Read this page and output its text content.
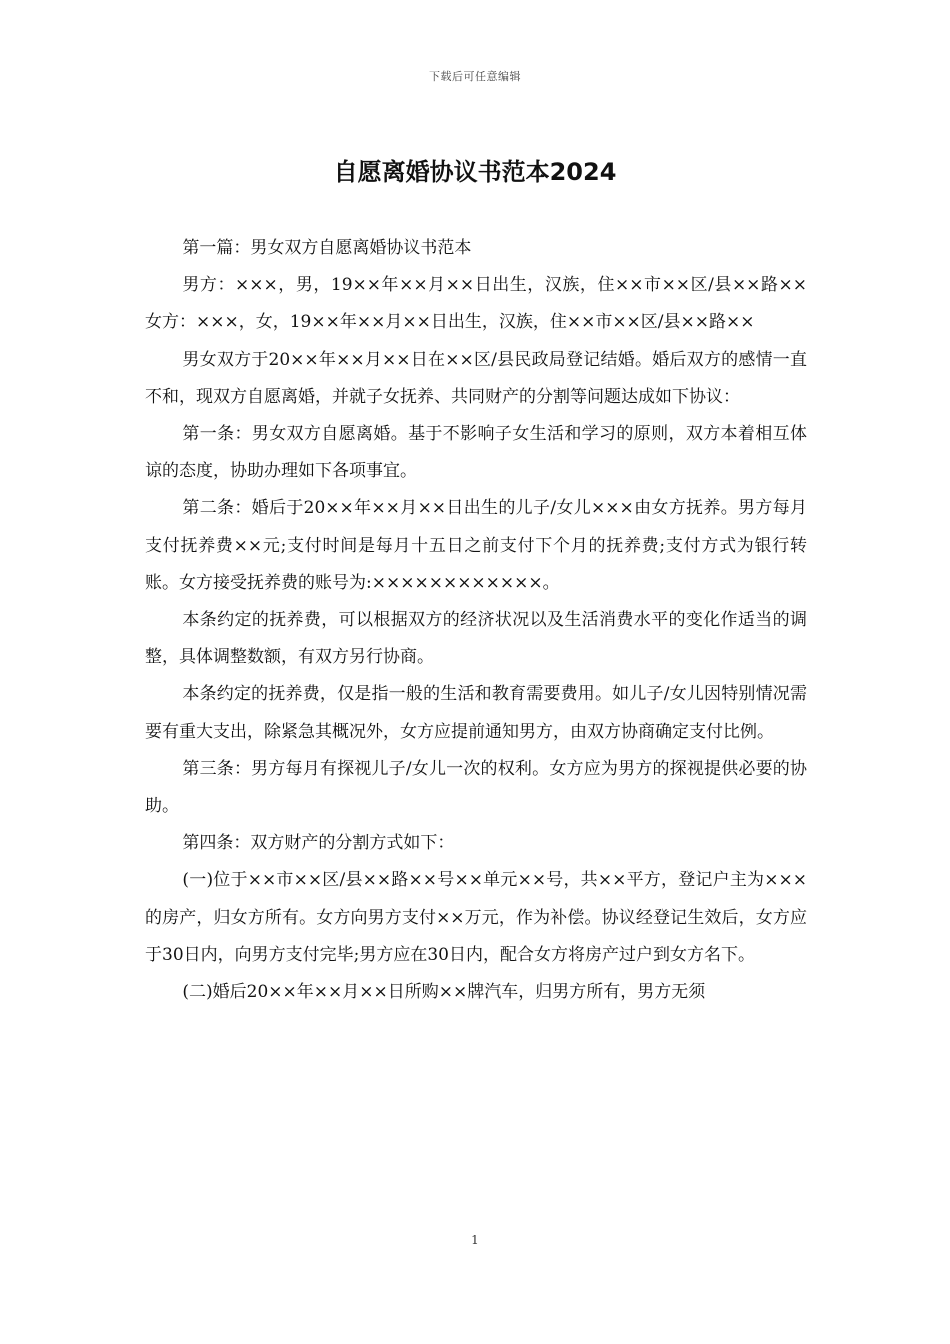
下载后可任意编辑
自愿离婚协议书范本2024

第一篇：男女双方自愿离婚协议书范本

男方：×××，男，19××年××月××日出生，汉族，住××市××区/县××路××女方：×××，女，19××年××月××日出生，汉族，住××市××区/县××路××

男女双方于20××年××月××日在××区/县民政局登记结婚。婚后双方的感情一直不和，现双方自愿离婚，并就子女抚养、共同财产的分割等问题达成如下协议：

第一条：男女双方自愿离婚。基于不影响子女生活和学习的原则，双方本着相互体谅的态度，协助办理如下各项事宜。

第二条：婚后于20××年××月××日出生的儿子/女儿×××由女方抚养。男方每月支付抚养费××元;支付时间是每月十五日之前支付下个月的抚养费;支付方式为银行转账。女方接受抚养费的账号为:××××××××××××。

本条约定的抚养费，可以根据双方的经济状况以及生活消费水平的变化作适当的调整，具体调整数额，有双方另行协商。

本条约定的抚养费，仅是指一般的生活和教育需要费用。如儿子/女儿因特别情况需要有重大支出，除紧急其概况外，女方应提前通知男方，由双方协商确定支付比例。

第三条：男方每月有探视儿子/女儿一次的权利。女方应为男方的探视提供必要的协助。

第四条：双方财产的分割方式如下：

(一)位于××市××区/县××路××号××单元××号，共××平方，登记户主为×××的房产，归女方所有。女方向男方支付××万元，作为补偿。协议经登记生效后，女方应于30日内，向男方支付完毕;男方应在30日内，配合女方将房产过户到女方名下。

(二)婚后20××年××月××日所购××牌汽车，归男方所有，男方无须

1
